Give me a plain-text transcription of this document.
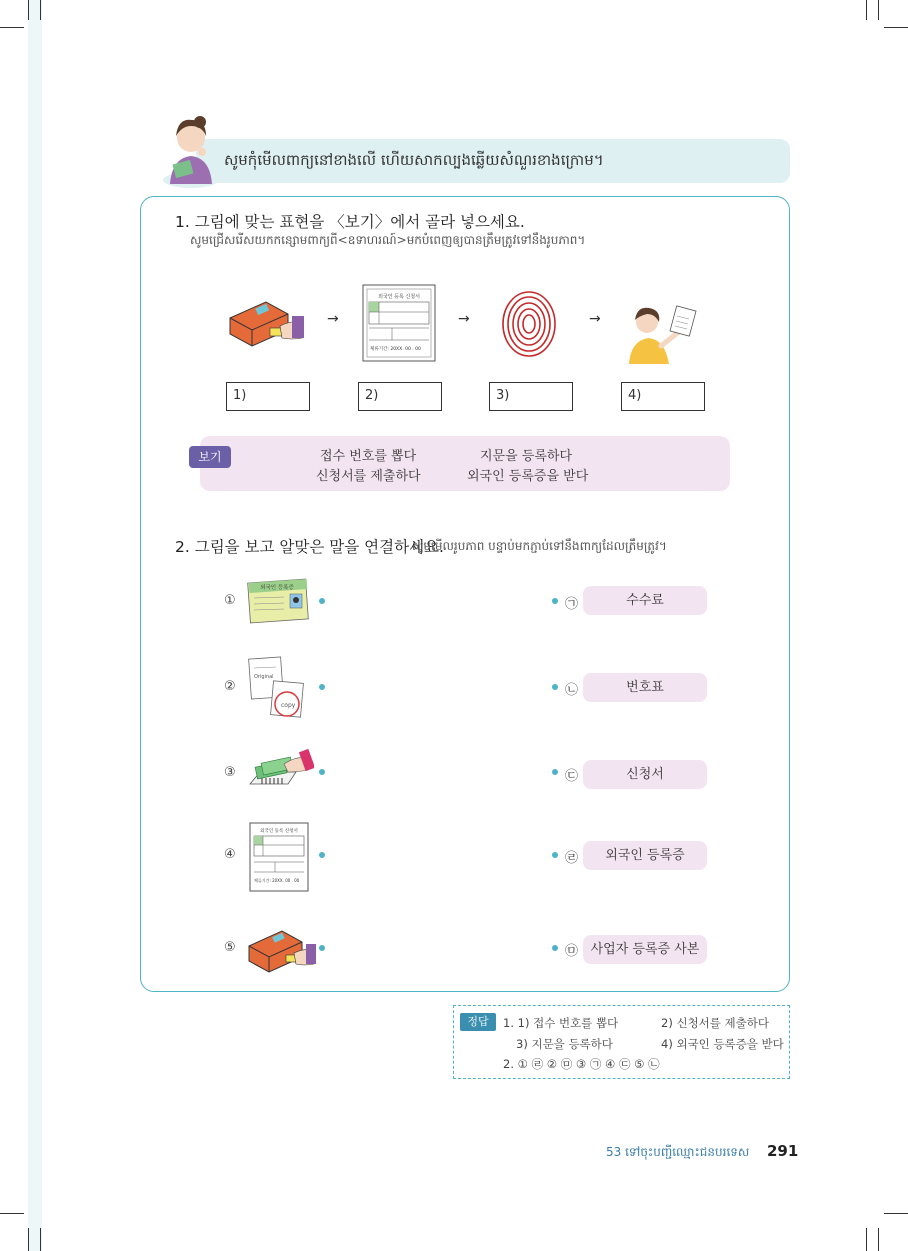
សូមកុំមើលពាក្យនៅខាងលើ ហើយសាកល្បងឆ្លើយសំណួរខាងក្រោម។
1. 그림에 맞는 표현을 〈보기〉에서 골라 넣으세요.
សូមជ្រើសរើសយកកន្សោមពាក្យពី<ឧទាហរណ៍>មកបំពេញឲ្យបានត្រឹមត្រូវទៅនឹងរូបភាព។
외국인 등록 신청서
체류기간: 20XX. 00 . 00
→	→	→
1)	2)	3)	4)
보기	접수 번호를 뽑다	지문을 등록하다
신청서를 제출하다	외국인 등록증을 받다
2. 그림을 보고 알맞은 말을 연결하세요.
សូមមើលរូបភាព បន្ទាប់មកភ្ជាប់ទៅនឹងពាក្យដែលត្រឹមត្រូវ។
①
외국인 등록증
㉠	수수료
②
Original
copy
㉡	번호표
③	㉢	신청서
④
외국인 등록 신청서
체류기간: 20XX. 00 . 00
㉣	외국인 등록증
⑤	㉤ 사업자 등록증 사본
정답	1. 1) 접수 번호를 뽑다	2) 신청서를 제출하다
3) 지문을 등록하다	4) 외국인 등록증을 받다
2. ① ㉣ ② ㉤ ③ ㉠ ④ ㉢ ⑤ ㉡
53 ទៅចុះបញ្ជីឈ្មោះជនបរទេស 291
